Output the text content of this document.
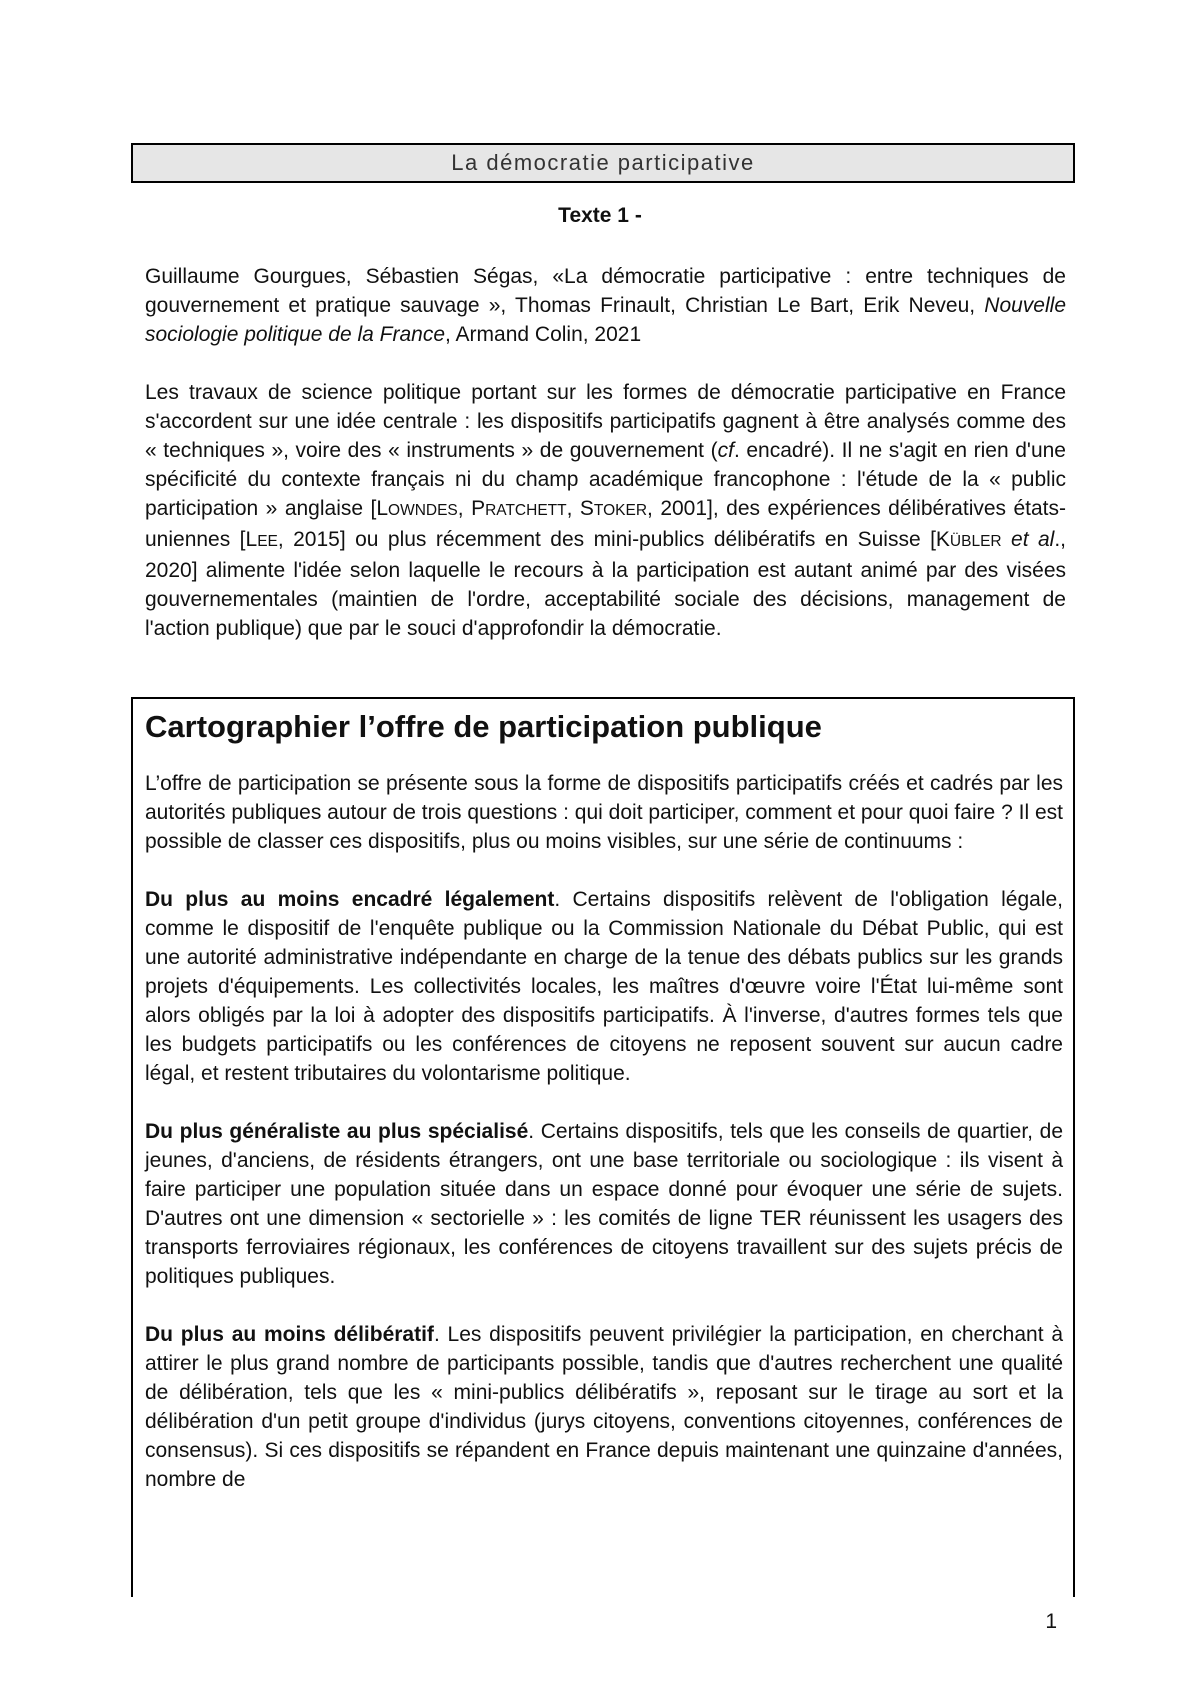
La démocratie participative
Texte 1 -
Guillaume Gourgues, Sébastien Ségas, «La démocratie participative : entre techniques de gouvernement et pratique sauvage », Thomas Frinault, Christian Le Bart, Erik Neveu, Nouvelle sociologie politique de la France, Armand Colin, 2021
Les travaux de science politique portant sur les formes de démocratie participative en France s'accordent sur une idée centrale : les dispositifs participatifs gagnent à être analysés comme des « techniques », voire des « instruments » de gouvernement (cf. encadré). Il ne s'agit en rien d'une spécificité du contexte français ni du champ académique francophone : l'étude de la « public participation » anglaise [LOWNDES, PRATCHETT, STOKER, 2001], des expériences délibératives états-uniennes [LEE, 2015] ou plus récemment des mini-publics délibératifs en Suisse [KÜBLER et al., 2020] alimente l'idée selon laquelle le recours à la participation est autant animé par des visées gouvernementales (maintien de l'ordre, acceptabilité sociale des décisions, management de l'action publique) que par le souci d'approfondir la démocratie.
Cartographier l’offre de participation publique

L’offre de participation se présente sous la forme de dispositifs participatifs créés et cadrés par les autorités publiques autour de trois questions : qui doit participer, comment et pour quoi faire ? Il est possible de classer ces dispositifs, plus ou moins visibles, sur une série de continuums :

Du plus au moins encadré légalement. Certains dispositifs relèvent de l'obligation légale, comme le dispositif de l'enquête publique ou la Commission Nationale du Débat Public, qui est une autorité administrative indépendante en charge de la tenue des débats publics sur les grands projets d'équipements. Les collectivités locales, les maîtres d'œuvre voire l'État lui-même sont alors obligés par la loi à adopter des dispositifs participatifs. À l'inverse, d'autres formes tels que les budgets participatifs ou les conférences de citoyens ne reposent souvent sur aucun cadre légal, et restent tributaires du volontarisme politique.

Du plus généraliste au plus spécialisé. Certains dispositifs, tels que les conseils de quartier, de jeunes, d'anciens, de résidents étrangers, ont une base territoriale ou sociologique : ils visent à faire participer une population située dans un espace donné pour évoquer une série de sujets. D'autres ont une dimension « sectorielle » : les comités de ligne TER réunissent les usagers des transports ferroviaires régionaux, les conférences de citoyens travaillent sur des sujets précis de politiques publiques.

Du plus au moins délibératif. Les dispositifs peuvent privilégier la participation, en cherchant à attirer le plus grand nombre de participants possible, tandis que d'autres recherchent une qualité de délibération, tels que les « mini-publics délibératifs », reposant sur le tirage au sort et la délibération d'un petit groupe d'individus (jurys citoyens, conventions citoyennes, conférences de consensus). Si ces dispositifs se répandent en France depuis maintenant une quinzaine d'années, nombre de

1
